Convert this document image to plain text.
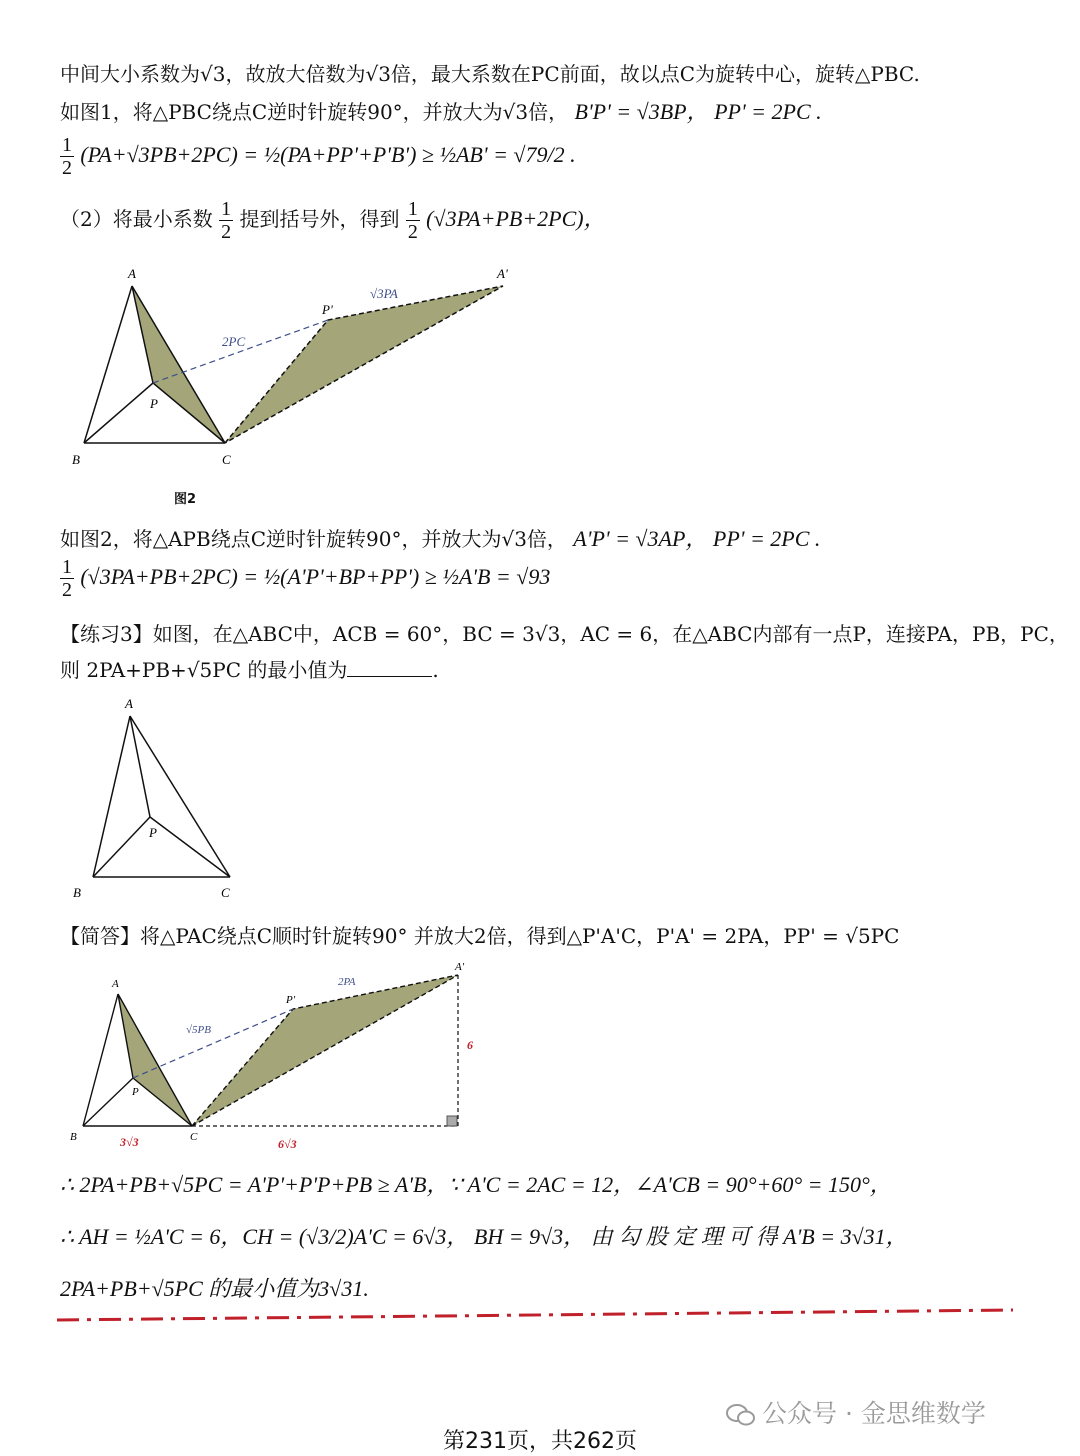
中间大小系数为√3，故放大倍数为√3倍，最大系数在PC前面，故以点C为旋转中心，旋转△PBC.
如图1，将△PBC绕点C逆时针旋转90°，并放大为√3倍， B'P' = √3BP， PP' = 2PC .
$\frac{1}{2} (PA+√3PB+2PC)$ = ½(PA+PP'+P'B') ≥ ½AB' = √79/2 .
（2）将最小系数 $\frac{1}{2}$ 提到括号外，得到 $\frac{1}{2} (√3PA+PB+2PC)$，
A
B	C
P
P'
A'
2PC
√3PA
图2
如图2，将△APB绕点C逆时针旋转90°，并放大为√3倍， A'P' = √3AP， PP' = 2PC .
$\frac{1}{2} (√3PA+PB+2PC)$ = ½(A'P'+BP+PP') ≥ ½A'B = √93
【练习3】如图，在△ABC中，ACB = 60°，BC = 3√3，AC = 6，在△ABC内部有一点P，连接PA，PB，PC，
则 2PA+PB+√5PC 的最小值为	.
A
B	C
P
【简答】将△PAC绕点C顺时针旋转90° 并放大2倍，得到△P'A'C，P'A' = 2PA，PP' = √5PC
A
B	C
P
P'
A'
2PA
√5PB
6
3√3	6√3
∴ 2PA+PB+√5PC = A'P'+P'P+PB ≥ A'B，∵ A'C = 2AC = 12，∠A'CB = 90°+60° = 150°，
∴ AH = ½A'C = 6，CH = (√3/2)A'C = 6√3， BH = 9√3， 由 勾 股 定 理 可 得 A'B = 3√31，
2PA+PB+√5PC 的最小值为3√31.
公众号 · 金思维数学
第231页，共262页
